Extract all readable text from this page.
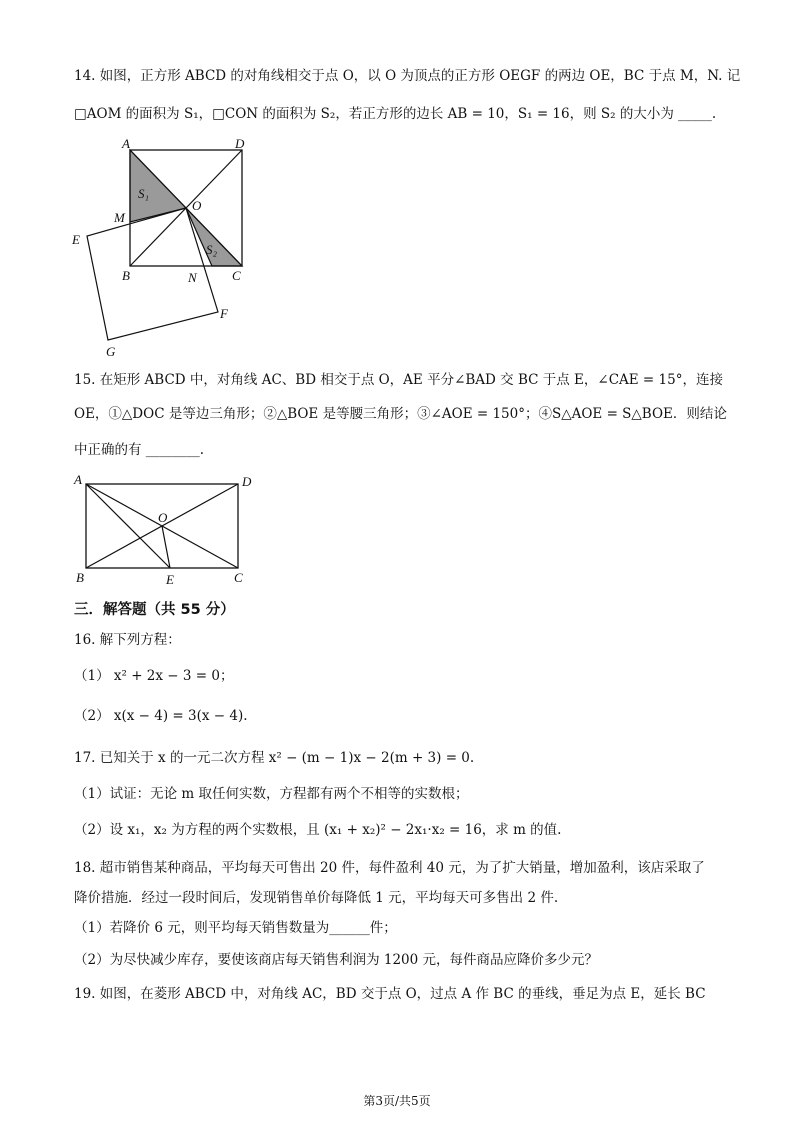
14. 如图，正方形 ABCD 的对角线相交于点 O，以 O 为顶点的正方形 OEGF 的两边 OE，BC 于点 M，N. 记
□AOM 的面积为 S₁，□CON 的面积为 S₂，若正方形的边长 AB = 10，S₁ = 16，则 S₂ 的大小为 _____.
A	D
B	C
O
M
N
E
F
G
S₁
S₂
15. 在矩形 ABCD 中，对角线 AC、BD 相交于点 O，AE 平分∠BAD 交 BC 于点 E，∠CAE = 15°，连接
OE，①△DOC 是等边三角形；②△BOE 是等腰三角形；③∠AOE = 150°；④S△AOE = S△BOE．则结论
中正确的有 ________.
A	D
B	C
O
E
三．解答题（共 55 分）
16. 解下列方程：
（1） x² + 2x − 3 = 0；
（2） x(x − 4) = 3(x − 4).
17. 已知关于 x 的一元二次方程 x² − (m − 1)x − 2(m + 3) = 0.
（1）试证：无论 m 取任何实数，方程都有两个不相等的实数根；
（2）设 x₁，x₂ 为方程的两个实数根，且 (x₁ + x₂)² − 2x₁·x₂ = 16，求 m 的值.
18. 超市销售某种商品，平均每天可售出 20 件，每件盈利 40 元，为了扩大销量，增加盈利，该店采取了
降价措施．经过一段时间后，发现销售单价每降低 1 元，平均每天可多售出 2 件.
（1）若降价 6 元，则平均每天销售数量为______件；
（2）为尽快减少库存，要使该商店每天销售利润为 1200 元，每件商品应降价多少元？
19. 如图，在菱形 ABCD 中，对角线 AC，BD 交于点 O，过点 A 作 BC 的垂线，垂足为点 E，延长 BC
第3页/共5页
